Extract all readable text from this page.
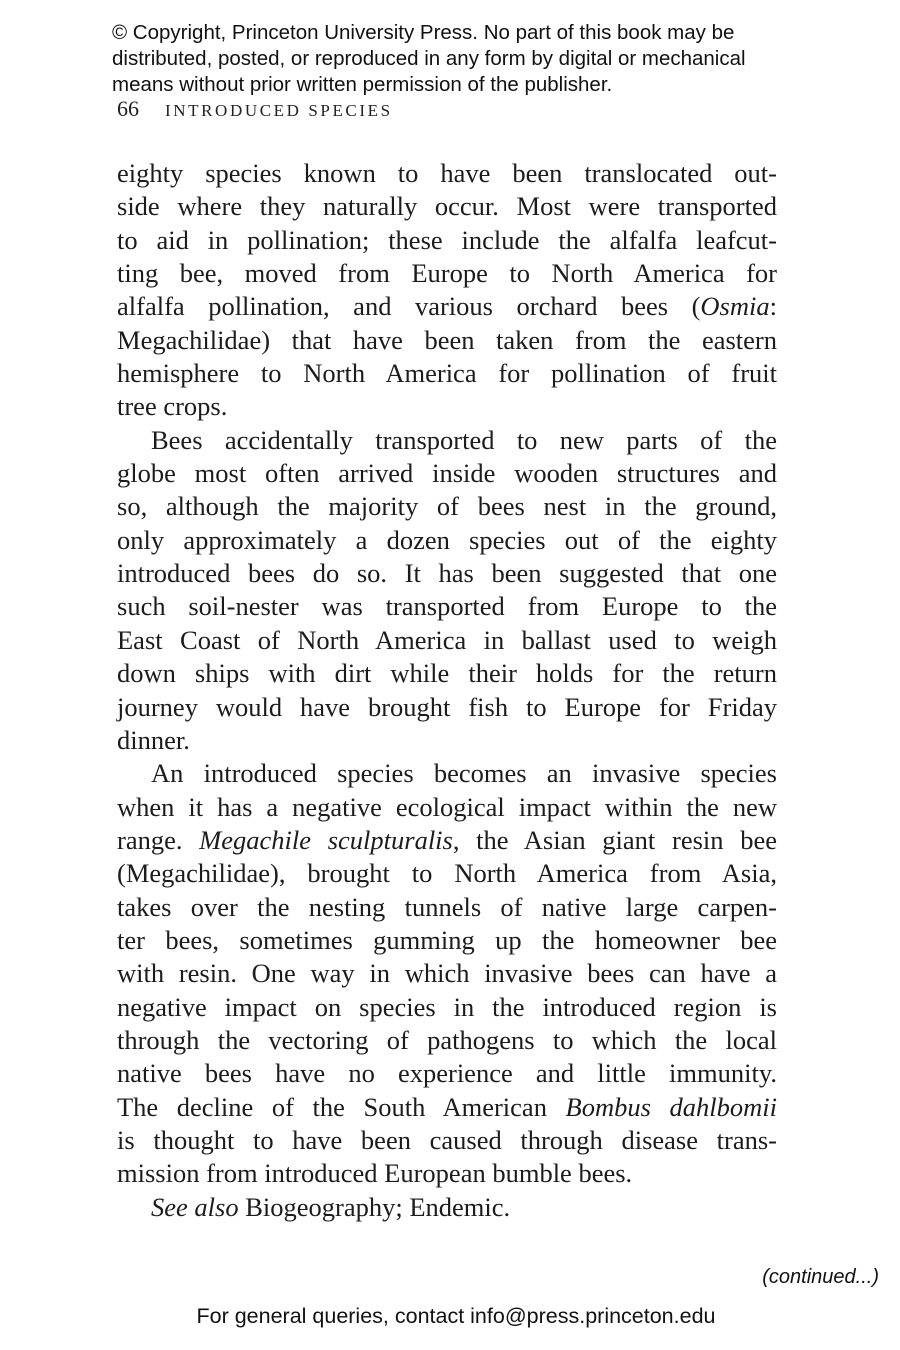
© Copyright, Princeton University Press. No part of this book may be
distributed, posted, or reproduced in any form by digital or mechanical
means without prior written permission of the publisher.
66 INTRODUCED SPECIES
eighty species known to have been translocated out-
side where they naturally occur. Most were transported
to aid in pollination; these include the alfalfa leafcut-
ting bee, moved from Europe to North America for
alfalfa pollination, and various orchard bees (Osmia:
Megachilidae) that have been taken from the eastern
hemisphere to North America for pollination of fruit
tree crops.
Bees accidentally transported to new parts of the
globe most often arrived inside wooden structures and
so, although the majority of bees nest in the ground,
only approximately a dozen species out of the eighty
introduced bees do so. It has been suggested that one
such soil-nester was transported from Europe to the
East Coast of North America in ballast used to weigh
down ships with dirt while their holds for the return
journey would have brought fish to Europe for Friday
dinner.
An introduced species becomes an invasive species
when it has a negative ecological impact within the new
range. Megachile sculpturalis, the Asian giant resin bee
(Megachilidae), brought to North America from Asia,
takes over the nesting tunnels of native large carpen-
ter bees, sometimes gumming up the homeowner bee
with resin. One way in which invasive bees can have a
negative impact on species in the introduced region is
through the vectoring of pathogens to which the local
native bees have no experience and little immunity.
The decline of the South American Bombus dahlbomii
is thought to have been caused through disease trans-
mission from introduced European bumble bees.
See also Biogeography; Endemic.
(continued...)
For general queries, contact info@press.princeton.edu
